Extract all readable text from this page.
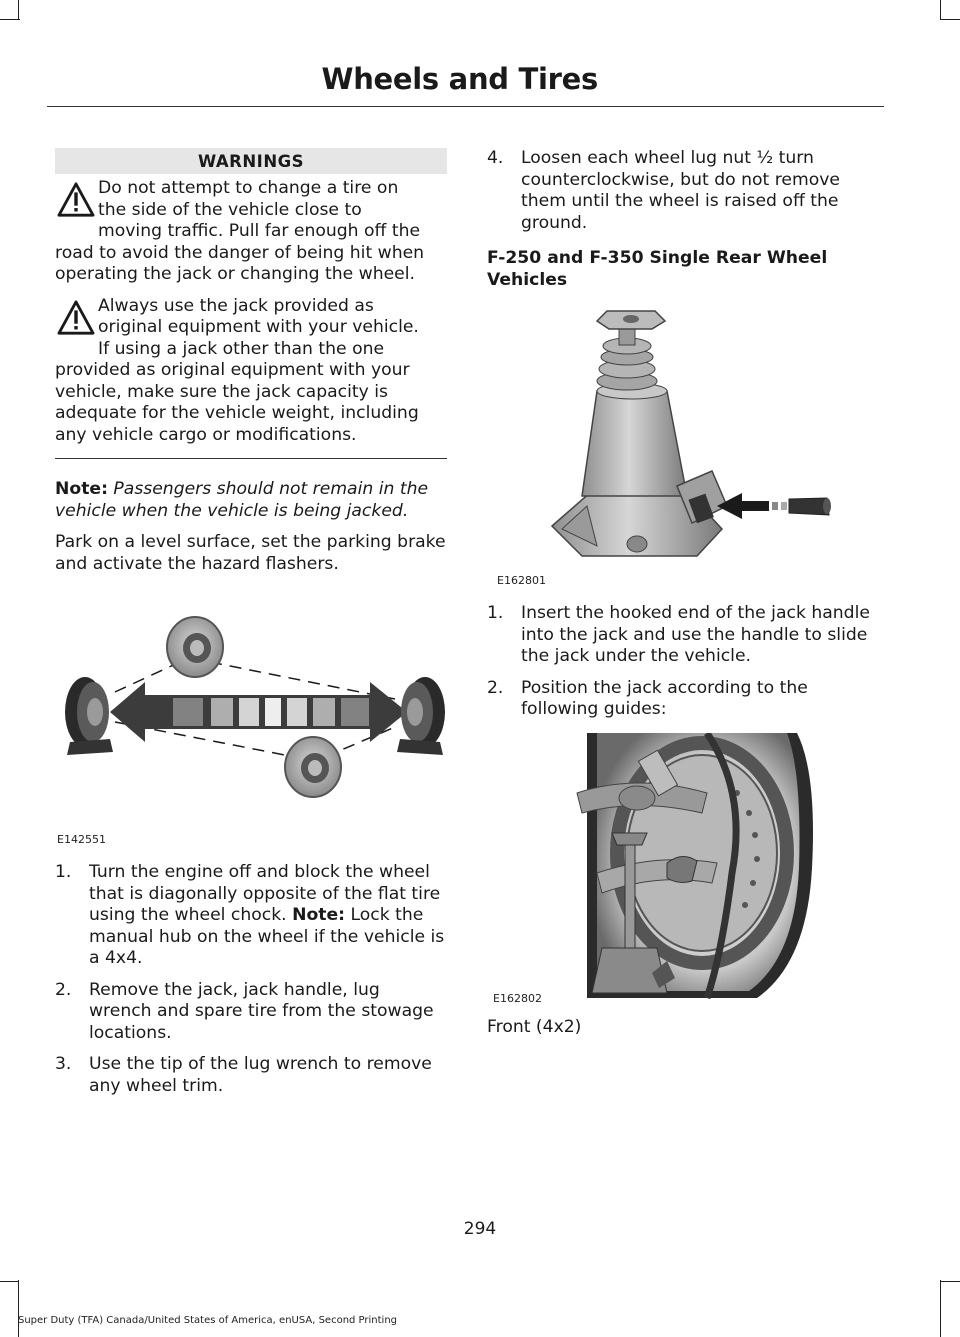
Wheels and Tires
WARNINGS
Do not attempt to change a tire on
the side of the vehicle close to
moving traffic. Pull far enough off the
road to avoid the danger of being hit when operating the jack or changing the wheel.
Always use the jack provided as
original equipment with your vehicle.
If using a jack other than the one
provided as original equipment with your vehicle, make sure the jack capacity is adequate for the vehicle weight, including any vehicle cargo or modifications.

Note: Passengers should not remain in the vehicle when the vehicle is being jacked.

Park on a level surface, set the parking brake and activate the hazard flashers.

E142551
1. Turn the engine off and block the wheel that is diagonally opposite of the flat tire using the wheel chock. Note: Lock the manual hub on the wheel if the vehicle is a 4x4.
2. Remove the jack, jack handle, lug wrench and spare tire from the stowage locations.
3. Use the tip of the lug wrench to remove any wheel trim.
4. Loosen each wheel lug nut ½ turn counterclockwise, but do not remove them until the wheel is raised off the ground.
F-250 and F-350 Single Rear Wheel Vehicles
E162801
1. Insert the hooked end of the jack handle into the jack and use the handle to slide the jack under the vehicle.
2. Position the jack according to the following guides:
E162802

Front (4x2)

294
Super Duty (TFA) Canada/United States of America, enUSA, Second Printing
